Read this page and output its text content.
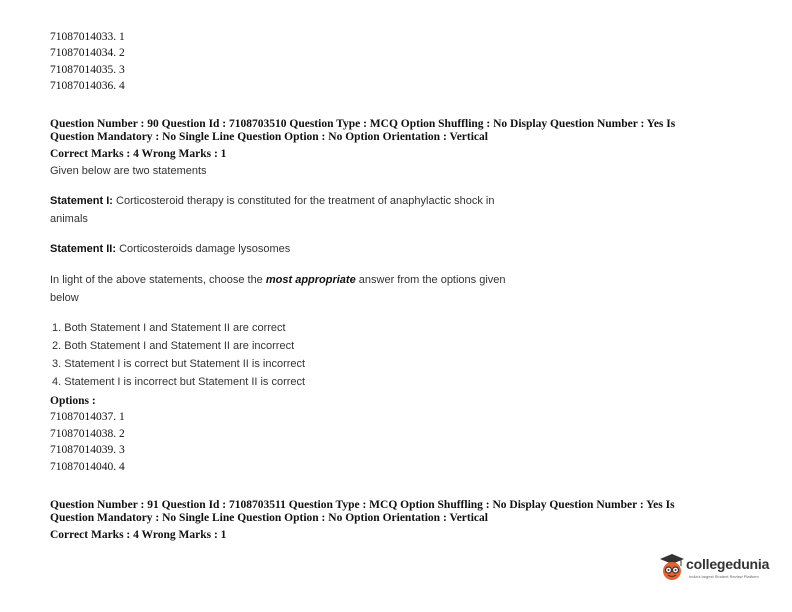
71087014033. 1
71087014034. 2
71087014035. 3
71087014036. 4
Question Number : 90 Question Id : 7108703510 Question Type : MCQ Option Shuffling : No Display Question Number : Yes Is
Question Mandatory : No Single Line Question Option : No Option Orientation : Vertical
Correct Marks : 4 Wrong Marks : 1
Given below are two statements
Statement I: Corticosteroid therapy is constituted for the treatment of anaphylactic shock in
animals
Statement II: Corticosteroids damage lysosomes
In light of the above statements, choose the most appropriate answer from the options given
below
1. Both Statement I and Statement II are correct
2. Both Statement I and Statement II are incorrect
3. Statement I is correct but Statement II is incorrect
4. Statement I is incorrect but Statement II is correct
Options :
71087014037. 1
71087014038. 2
71087014039. 3
71087014040. 4
Question Number : 91 Question Id : 7108703511 Question Type : MCQ Option Shuffling : No Display Question Number : Yes Is
Question Mandatory : No Single Line Question Option : No Option Orientation : Vertical
Correct Marks : 4 Wrong Marks : 1
collegedunia
India's largest Student Review Platform
